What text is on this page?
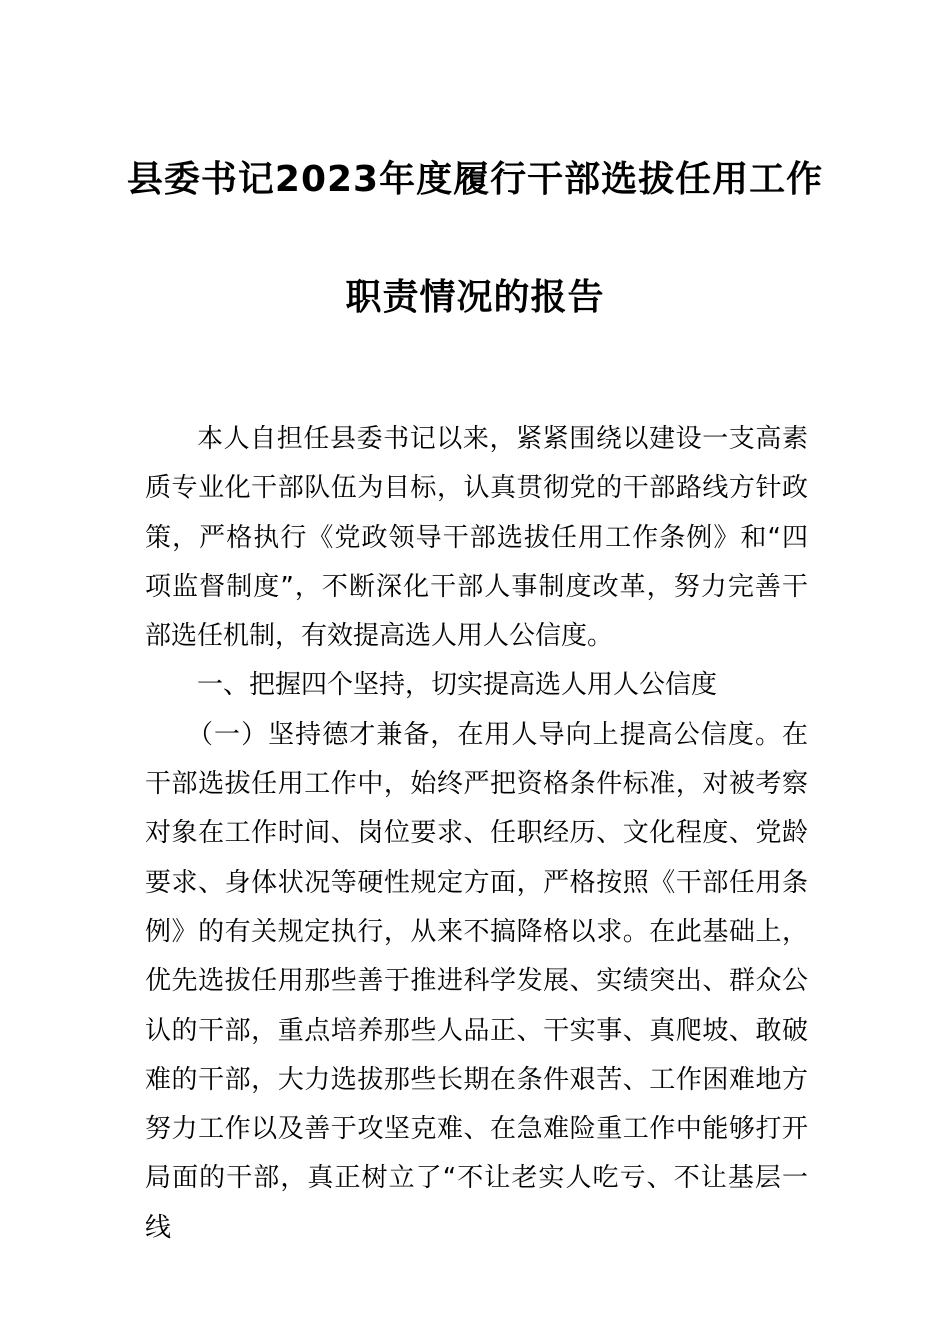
县委书记2023年度履行干部选拔任用工作
职责情况的报告

本人自担任县委书记以来，紧紧围绕以建设一支高素质专业化干部队伍为目标，认真贯彻党的干部路线方针政策，严格执行《党政领导干部选拔任用工作条例》和“四项监督制度”，不断深化干部人事制度改革，努力完善干部选任机制，有效提高选人用人公信度。

一、把握四个坚持，切实提高选人用人公信度

（一）坚持德才兼备，在用人导向上提高公信度。在干部选拔任用工作中，始终严把资格条件标准，对被考察对象在工作时间、岗位要求、任职经历、文化程度、党龄要求、身体状况等硬性规定方面，严格按照《干部任用条例》的有关规定执行，从来不搞降格以求。在此基础上，优先选拔任用那些善于推进科学发展、实绩突出、群众公认的干部，重点培养那些人品正、干实事、真爬坡、敢破难的干部，大力选拔那些长期在条件艰苦、工作困难地方努力工作以及善于攻坚克难、在急难险重工作中能够打开局面的干部，真正树立了“不让老实人吃亏、不让基层一线
